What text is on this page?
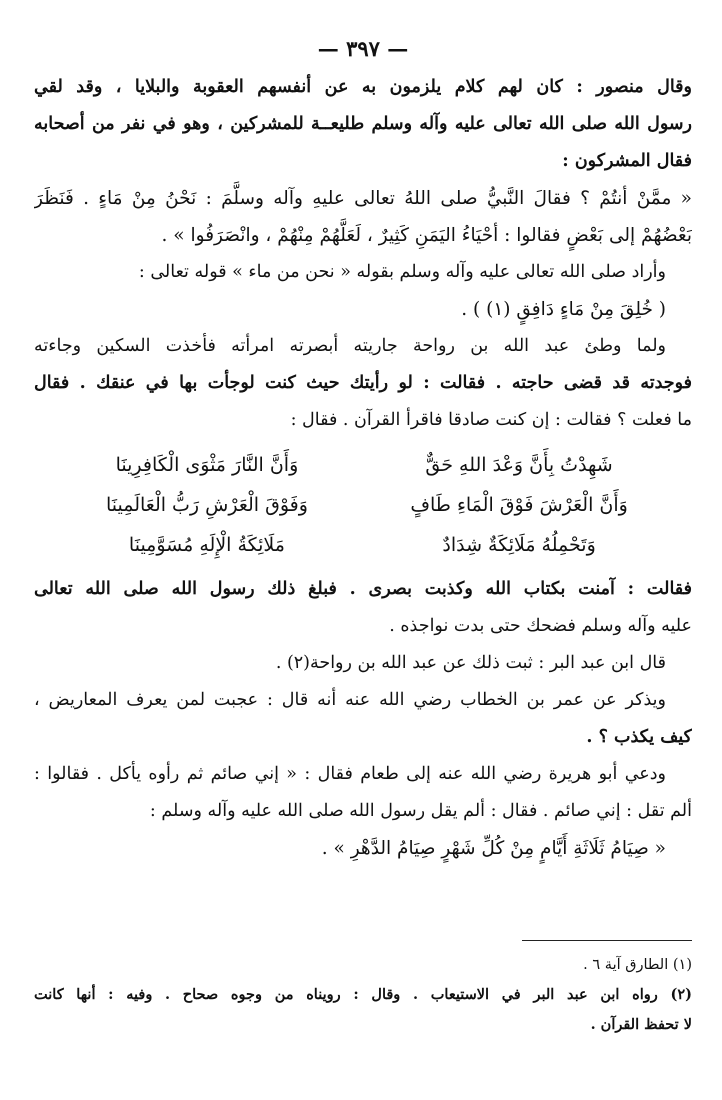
— ٣٩٧ —
وقال منصور : كان لهم كلام يلزمون به عن أنفسهم العقوبة والبلايا ، وقد لقي
رسول الله صلى الله تعالى عليه وآله وسلم طليعــة للمشركين ، وهو في نفر من أصحابه
فقال المشركون :
« ممَّنْ أنتُمْ ؟ فقالَ النَّبيُّ صلى اللهُ تعالى عليهِ وآله وسلَّمَ : نَحْنُ مِنْ مَاءٍ . فَنَظَرَ
بَعْضُهُمْ إلى بَعْضٍ فقالوا : أحْيَاءُ اليَمَنِ كَثِيرٌ ، لَعَلَّهُمْ مِنْهُمْ ، وانْصَرَفُوا » .
وأراد صلى الله تعالى عليه وآله وسلم بقوله « نحن من ماء » قوله تعالى :
( خُلِقَ مِنْ مَاءٍ دَافِقٍ (١) ) .
ولما وطئ عبد الله بن رواحة جاريته أبصرته امرأته فأخذت السكين وجاءته
فوجدته قد قضى حاجته . فقالت : لو رأيتك حيث كنت لوجأت بها في عنقك . فقال
ما فعلت ؟ فقالت : إن كنت صادقا فاقرأ القرآن . فقال :
شَهِدْتُ بِأَنَّ وَعْدَ اللهِ حَقٌّ
وَأَنَّ النَّارَ مَثْوَى الْكَافِرِينَا
وَأَنَّ الْعَرْشَ فَوْقَ الْمَاءِ طَافٍ
وَفَوْقَ الْعَرْشِ رَبُّ الْعَالَمِينَا
وَتَحْمِلُهُ مَلَائِكَةٌ شِدَادٌ
مَلَائِكَةُ الْإِلَهِ مُسَوَّمِينَا
فقالت : آمنت بكتاب الله وكذبت بصرى . فبلغ ذلك رسول الله صلى الله تعالى
عليه وآله وسلم فضحك حتى بدت نواجذه .
قال ابن عبد البر : ثبت ذلك عن عبد الله بن رواحة(٢) .
ويذكر عن عمر بن الخطاب رضي الله عنه أنه قال : عجبت لمن يعرف المعاريض ،
كيف يكذب ؟ .
ودعي أبو هريرة رضي الله عنه إلى طعام فقال : « إني صائم ثم رأوه يأكل . فقالوا :
ألم تقل : إني صائم . فقال : ألم يقل رسول الله صلى الله عليه وآله وسلم :
« صِيَامُ ثَلَاثَةِ أَيَّامٍ مِنْ كُلِّ شَهْرٍ صِيَامُ الدَّهْرِ » .
(١) الطارق آية ٦ .
(٢) رواه ابن عبد البر في الاستيعاب . وقال : رويناه من وجوه صحاح . وفيه : أنها كانت
لا تحفظ القرآن .
